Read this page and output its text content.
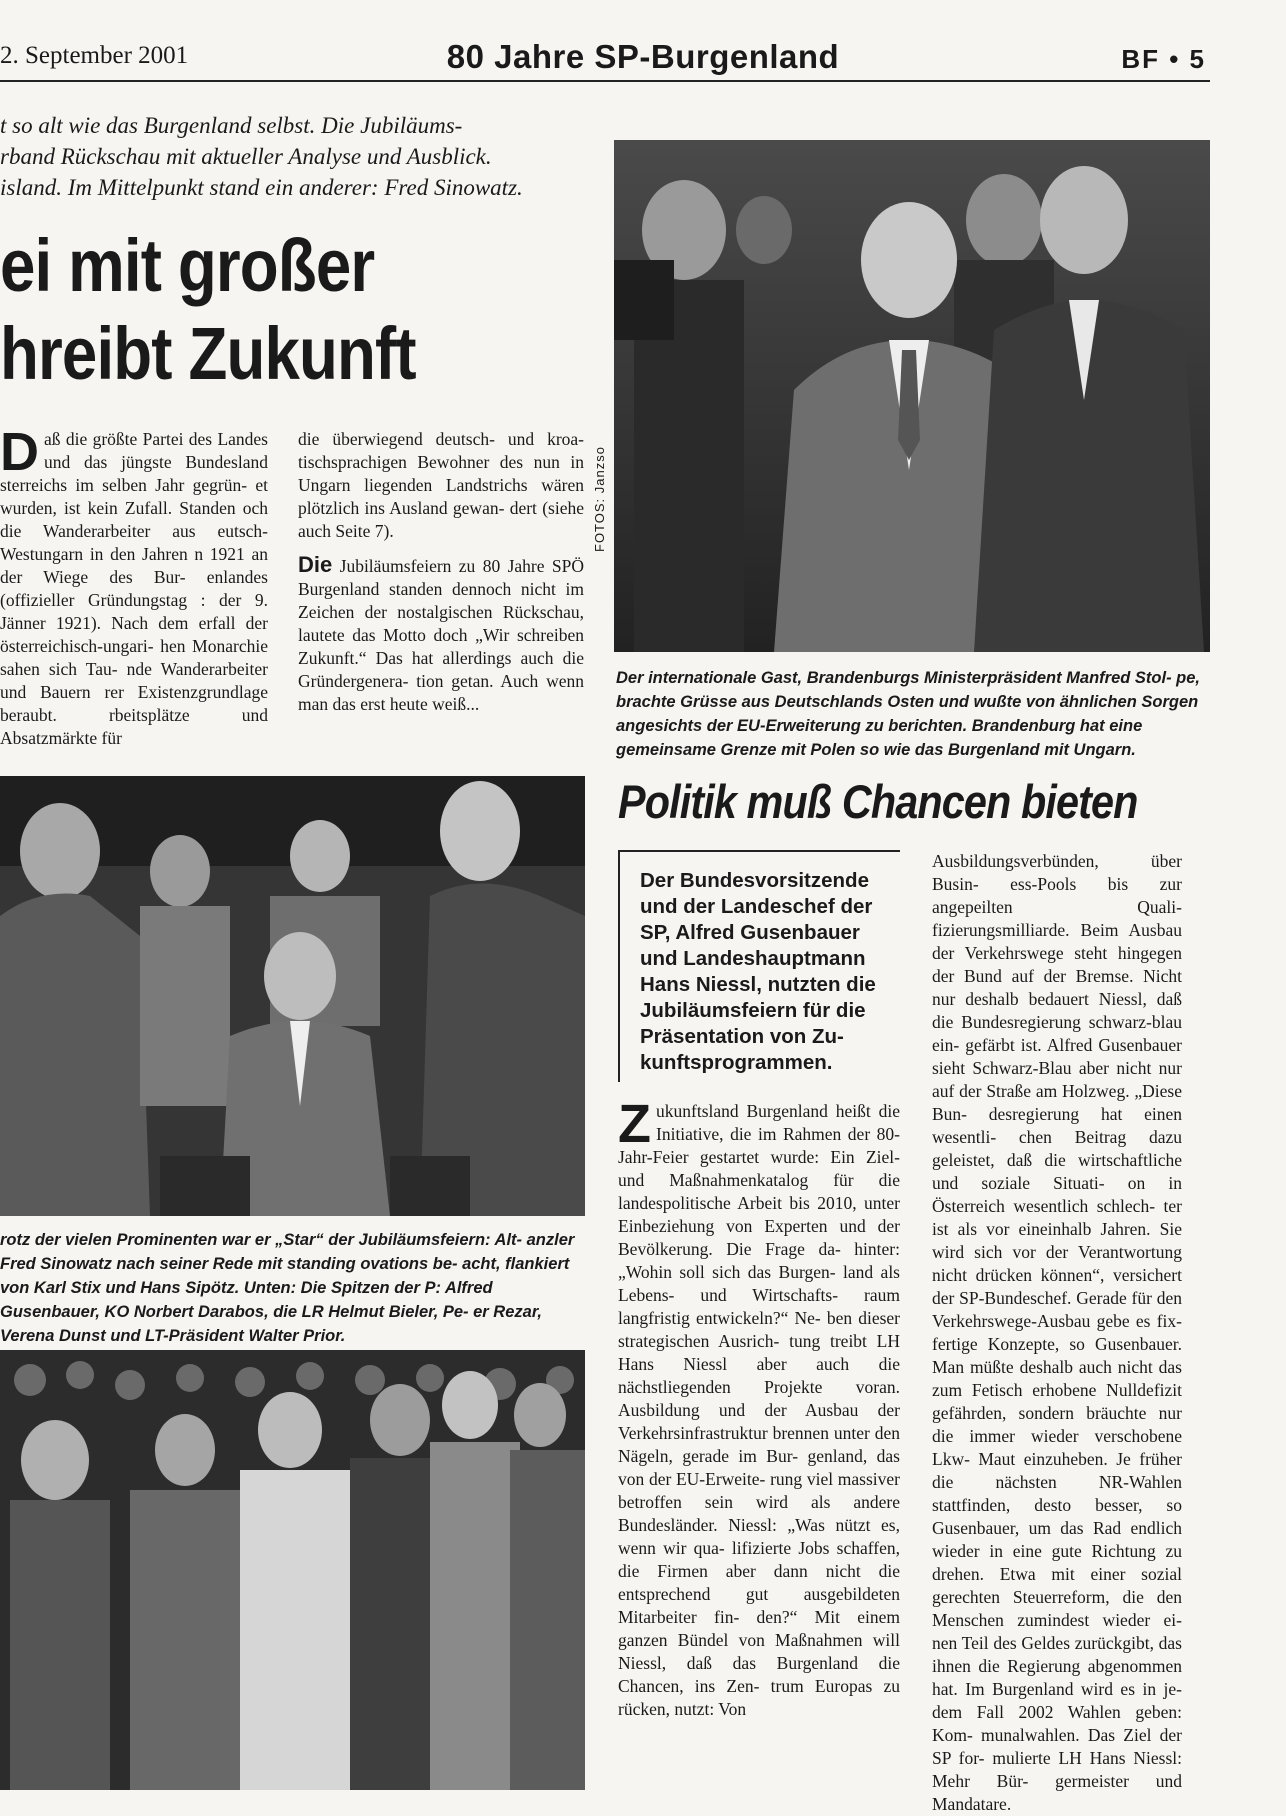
2. September 2001	80 Jahre SP-Burgenland	BF • 5
t so alt wie das Burgenland selbst. Die Jubiläums-
rband Rückschau mit aktueller Analyse und Ausblick.
island. Im Mittelpunkt stand ein anderer: Fred Sinowatz.
ei mit großer
hreibt Zukunft
Daß die größte Partei des Landes und das jüngste Bundesland sterreichs im selben Jahr gegrün- et wurden, ist kein Zufall. Standen och die Wanderarbeiter aus eutsch-Westungarn in den Jahren n 1921 an der Wiege des Bur- enlandes (offizieller Gründungstag : der 9. Jänner 1921). Nach dem erfall der österreichisch-ungari- hen Monarchie sahen sich Tau- nde Wanderarbeiter und Bauern rer Existenzgrundlage beraubt. rbeitsplätze und Absatzmärkte für
die überwiegend deutsch- und kroa- tischsprachigen Bewohner des nun in Ungarn liegenden Landstrichs wären plötzlich ins Ausland gewan- dert (siehe auch Seite 7).
Die Jubiläumsfeiern zu 80 Jahre SPÖ Burgenland standen dennoch nicht im Zeichen der nostalgischen Rückschau, lautete das Motto doch „Wir schreiben Zukunft.“ Das hat allerdings auch die Gründergenera- tion getan. Auch wenn man das erst heute weiß...
FOTOS: Janzso
Der internationale Gast, Brandenburgs Ministerpräsident Manfred Stol- pe, brachte Grüsse aus Deutschlands Osten und wußte von ähnlichen Sorgen angesichts der EU-Erweiterung zu berichten. Brandenburg hat eine gemeinsame Grenze mit Polen so wie das Burgenland mit Ungarn.
rotz der vielen Prominenten war er „Star“ der Jubiläumsfeiern: Alt- anzler Fred Sinowatz nach seiner Rede mit standing ovations be- acht, flankiert von Karl Stix und Hans Sipötz. Unten: Die Spitzen der P: Alfred Gusenbauer, KO Norbert Darabos, die LR Helmut Bieler, Pe- er Rezar, Verena Dunst und LT-Präsident Walter Prior.
Politik muß Chancen bieten
Der Bundesvorsitzende und der Landeschef der SP, Alfred Gusenbauer und Landeshauptmann Hans Niessl, nutzten die Jubiläumsfeiern für die Präsentation von Zu- kunftsprogrammen.
Zukunftsland Burgenland heißt die Initiative, die im Rahmen der 80-Jahr-Feier gestartet wurde: Ein Ziel- und Maßnahmenkatalog für die landespolitische Arbeit bis 2010, unter Einbeziehung von Experten und der Bevölkerung. Die Frage da- hinter: „Wohin soll sich das Burgen- land als Lebens- und Wirtschafts- raum langfristig entwickeln?“ Ne- ben dieser strategischen Ausrich- tung treibt LH Hans Niessl aber auch die nächstliegenden Projekte voran. Ausbildung und der Ausbau der Verkehrsinfrastruktur brennen unter den Nägeln, gerade im Bur- genland, das von der EU-Erweite- rung viel massiver betroffen sein wird als andere Bundesländer. Niessl: „Was nützt es, wenn wir qua- lifizierte Jobs schaffen, die Firmen aber dann nicht die entsprechend gut ausgebildeten Mitarbeiter fin- den?“ Mit einem ganzen Bündel von Maßnahmen will Niessl, daß das Burgenland die Chancen, ins Zen- trum Europas zu rücken, nutzt: Von
Ausbildungsverbünden, über Busin- ess-Pools bis zur angepeilten Quali- fizierungsmilliarde. Beim Ausbau der Verkehrswege steht hingegen der Bund auf der Bremse. Nicht nur deshalb bedauert Niessl, daß die Bundesregierung schwarz-blau ein- gefärbt ist. Alfred Gusenbauer sieht Schwarz-Blau aber nicht nur auf der Straße am Holzweg. „Diese Bun- desregierung hat einen wesentli- chen Beitrag dazu geleistet, daß die wirtschaftliche und soziale Situati- on in Österreich wesentlich schlech- ter ist als vor eineinhalb Jahren. Sie wird sich vor der Verantwortung nicht drücken können“, versichert der SP-Bundeschef. Gerade für den Verkehrswege-Ausbau gebe es fix- fertige Konzepte, so Gusenbauer. Man müßte deshalb auch nicht das zum Fetisch erhobene Nulldefizit gefährden, sondern bräuchte nur die immer wieder verschobene Lkw- Maut einzuheben. Je früher die nächsten NR-Wahlen stattfinden, desto besser, so Gusenbauer, um das Rad endlich wieder in eine gute Richtung zu drehen. Etwa mit einer sozial gerechten Steuerreform, die den Menschen zumindest wieder ei- nen Teil des Geldes zurückgibt, das ihnen die Regierung abgenommen hat. Im Burgenland wird es in je- dem Fall 2002 Wahlen geben: Kom- munalwahlen. Das Ziel der SP for- mulierte LH Hans Niessl: Mehr Bür- germeister und Mandatare.
